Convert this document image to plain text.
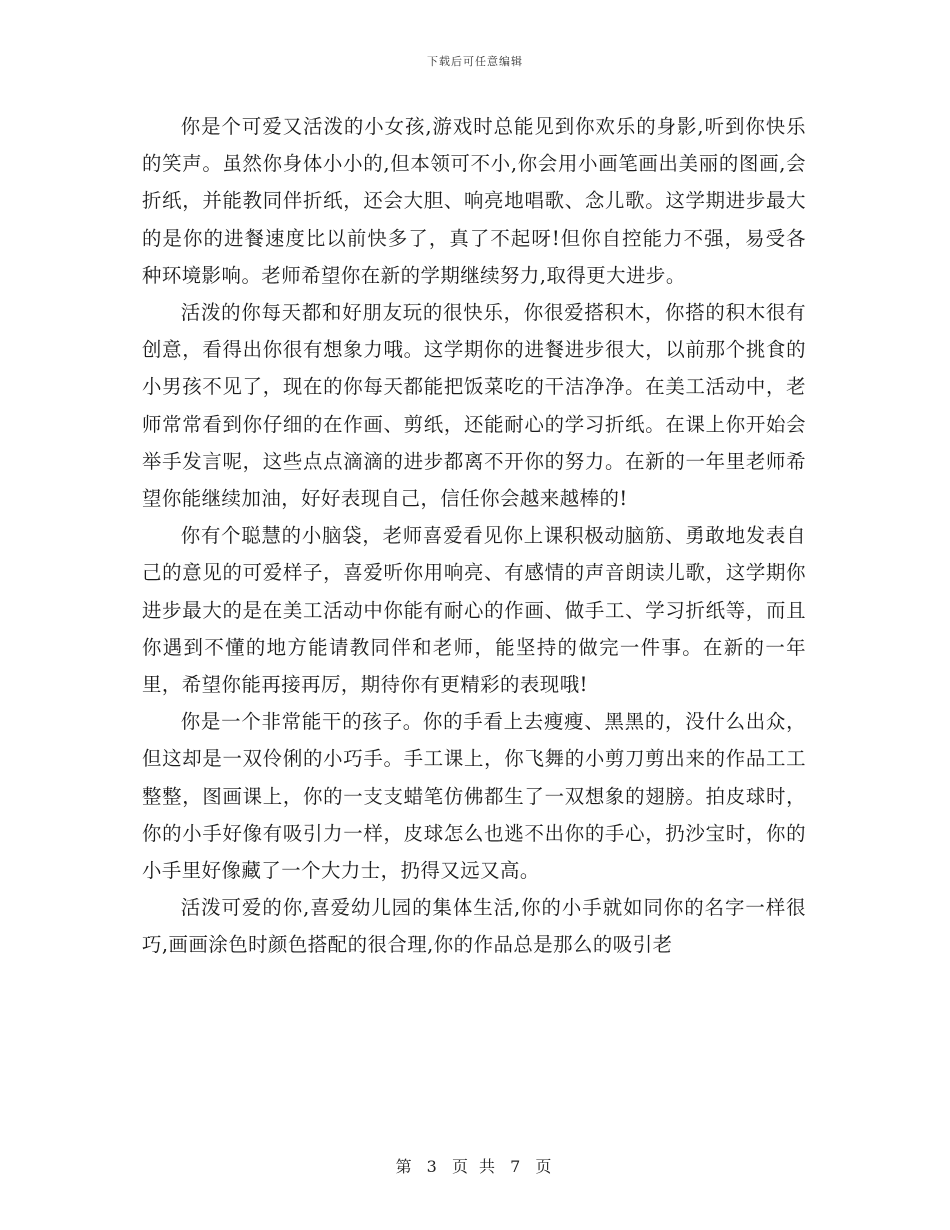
下载后可任意编辑

你是个可爱又活泼的小女孩,游戏时总能见到你欢乐的身影,听到你快乐的笑声。虽然你身体小小的,但本领可不小,你会用小画笔画出美丽的图画,会折纸，并能教同伴折纸，还会大胆、响亮地唱歌、念儿歌。这学期进步最大的是你的进餐速度比以前快多了，真了不起呀!但你自控能力不强，易受各种环境影响。老师希望你在新的学期继续努力,取得更大进步。

活泼的你每天都和好朋友玩的很快乐，你很爱搭积木，你搭的积木很有创意，看得出你很有想象力哦。这学期你的进餐进步很大，以前那个挑食的小男孩不见了，现在的你每天都能把饭菜吃的干洁净净。在美工活动中，老师常常看到你仔细的在作画、剪纸，还能耐心的学习折纸。在课上你开始会举手发言呢，这些点点滴滴的进步都离不开你的努力。在新的一年里老师希望你能继续加油，好好表现自己，信任你会越来越棒的!

你有个聪慧的小脑袋，老师喜爱看见你上课积极动脑筋、勇敢地发表自己的意见的可爱样子，喜爱听你用响亮、有感情的声音朗读儿歌，这学期你进步最大的是在美工活动中你能有耐心的作画、做手工、学习折纸等，而且你遇到不懂的地方能请教同伴和老师，能坚持的做完一件事。在新的一年里，希望你能再接再厉，期待你有更精彩的表现哦!

你是一个非常能干的孩子。你的手看上去瘦瘦、黑黑的，没什么出众，但这却是一双伶俐的小巧手。手工课上，你飞舞的小剪刀剪出来的作品工工整整，图画课上，你的一支支蜡笔仿佛都生了一双想象的翅膀。拍皮球时，你的小手好像有吸引力一样，皮球怎么也逃不出你的手心，扔沙宝时，你的小手里好像藏了一个大力士，扔得又远又高。

活泼可爱的你,喜爱幼儿园的集体生活,你的小手就如同你的名字一样很巧,画画涂色时颜色搭配的很合理,你的作品总是那么的吸引老

第 3 页 共 7 页
